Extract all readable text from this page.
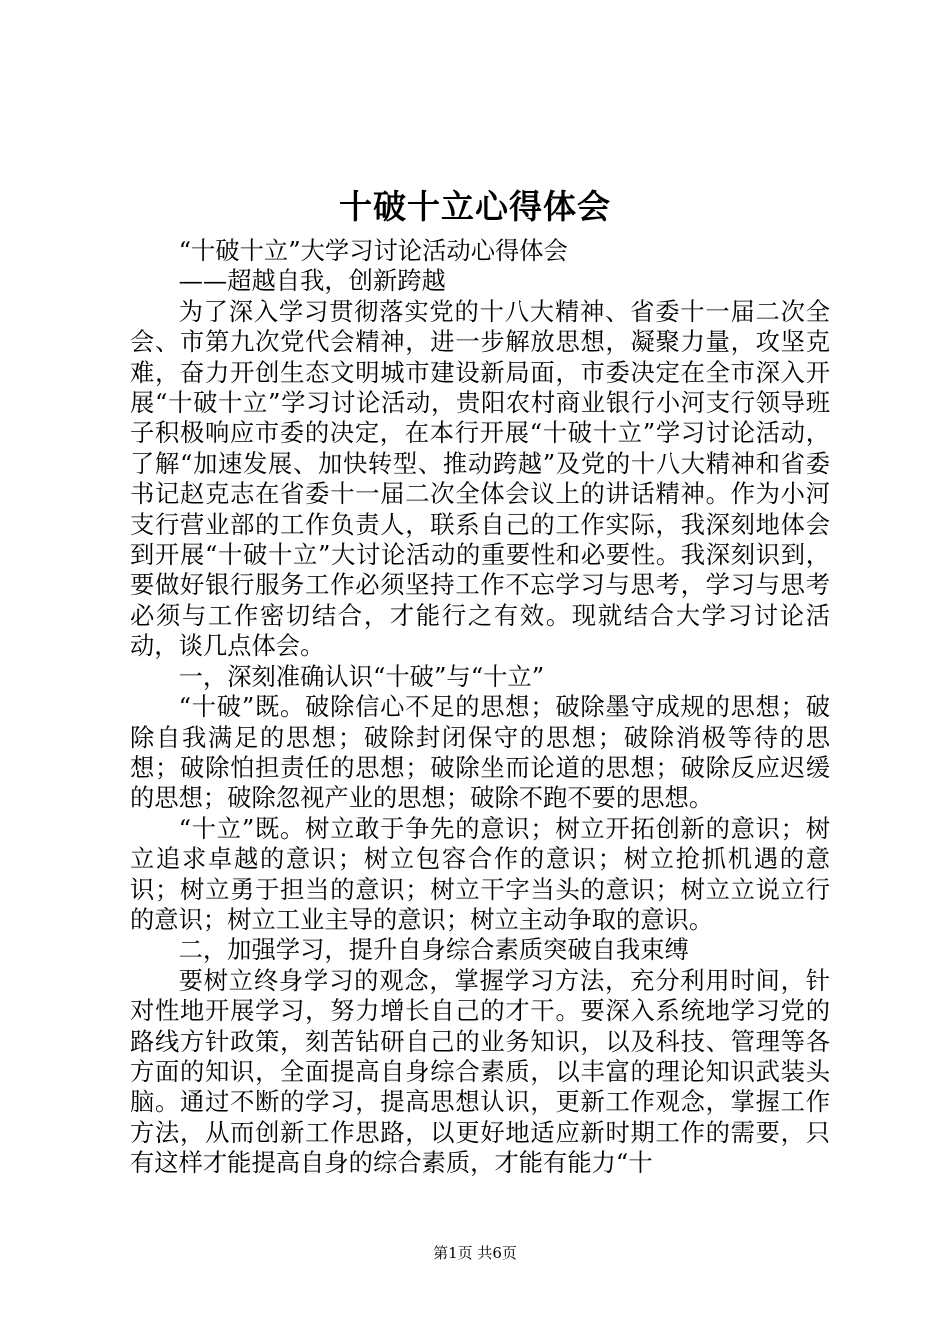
十破十立心得体会

“十破十立”大学习讨论活动心得体会

——超越自我，创新跨越

为了深入学习贯彻落实党的十八大精神、省委十一届二次全会、市第九次党代会精神，进一步解放思想，凝聚力量，攻坚克难，奋力开创生态文明城市建设新局面，市委决定在全市深入开展“十破十立”学习讨论活动，贵阳农村商业银行小河支行领导班子积极响应市委的决定，在本行开展“十破十立”学习讨论活动，了解“加速发展、加快转型、推动跨越”及党的十八大精神和省委书记赵克志在省委十一届二次全体会议上的讲话精神。作为小河支行营业部的工作负责人，联系自己的工作实际，我深刻地体会到开展“十破十立”大讨论活动的重要性和必要性。我深刻识到，要做好银行服务工作必须坚持工作不忘学习与思考，学习与思考必须与工作密切结合，才能行之有效。现就结合大学习讨论活动，谈几点体会。

一，深刻准确认识“十破”与“十立”

“十破”既。破除信心不足的思想；破除墨守成规的思想；破除自我满足的思想；破除封闭保守的思想；破除消极等待的思想；破除怕担责任的思想；破除坐而论道的思想；破除反应迟缓的思想；破除忽视产业的思想；破除不跑不要的思想。

“十立”既。树立敢于争先的意识；树立开拓创新的意识；树立追求卓越的意识；树立包容合作的意识；树立抢抓机遇的意识；树立勇于担当的意识；树立干字当头的意识；树立立说立行的意识；树立工业主导的意识；树立主动争取的意识。

二，加强学习，提升自身综合素质突破自我束缚

要树立终身学习的观念，掌握学习方法，充分利用时间，针对性地开展学习，努力增长自己的才干。要深入系统地学习党的路线方针政策，刻苦钻研自己的业务知识，以及科技、管理等各方面的知识，全面提高自身综合素质，以丰富的理论知识武装头脑。通过不断的学习，提高思想认识，更新工作观念，掌握工作方法，从而创新工作思路，以更好地适应新时期工作的需要，只有这样才能提高自身的综合素质，才能有能力“十

第1页 共6页
